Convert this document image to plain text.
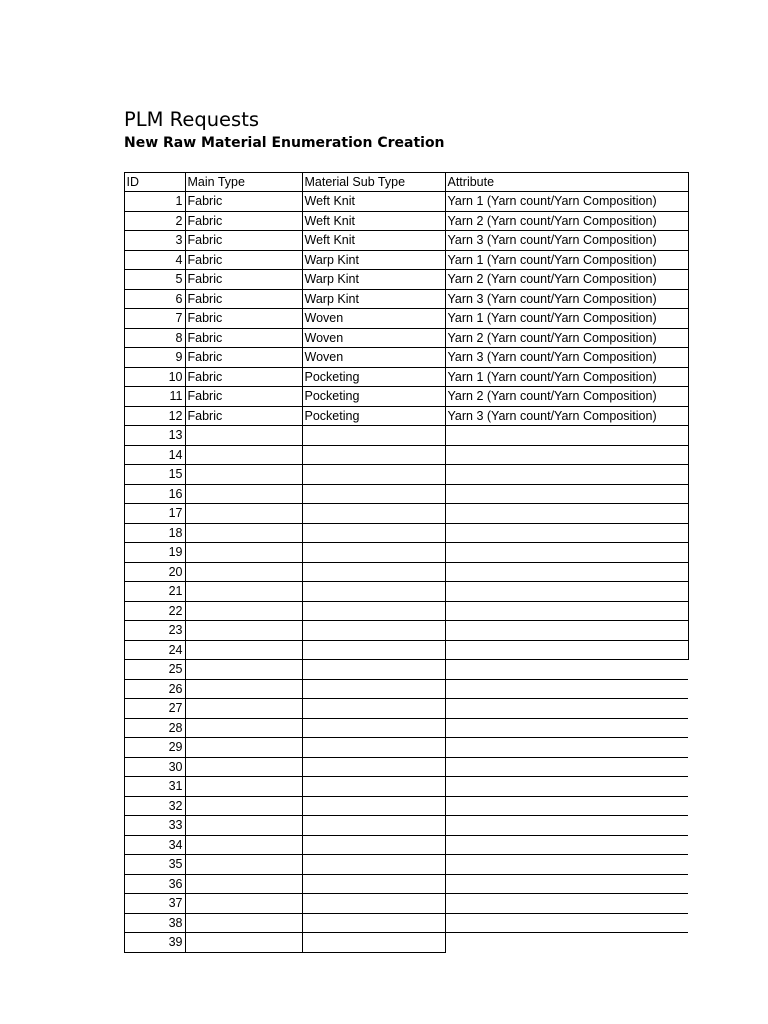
PLM Requests
New Raw Material Enumeration Creation
ID	Main Type	Material Sub Type	Attribute
1	Fabric	Weft Knit	Yarn 1 (Yarn count/Yarn Composition)
2	Fabric	Weft Knit	Yarn 2 (Yarn count/Yarn Composition)
3	Fabric	Weft Knit	Yarn 3 (Yarn count/Yarn Composition)
4	Fabric	Warp Kint	Yarn 1 (Yarn count/Yarn Composition)
5	Fabric	Warp Kint	Yarn 2 (Yarn count/Yarn Composition)
6	Fabric	Warp Kint	Yarn 3 (Yarn count/Yarn Composition)
7	Fabric	Woven	Yarn 1 (Yarn count/Yarn Composition)
8	Fabric	Woven	Yarn 2 (Yarn count/Yarn Composition)
9	Fabric	Woven	Yarn 3 (Yarn count/Yarn Composition)
10	Fabric	Pocketing	Yarn 1 (Yarn count/Yarn Composition)
11	Fabric	Pocketing	Yarn 2 (Yarn count/Yarn Composition)
12	Fabric	Pocketing	Yarn 3 (Yarn count/Yarn Composition)
13			
14			
15			
16			
17			
18			
19			
20			
21			
22			
23			
24			
25			
26			
27			
28			
29			
30			
31			
32			
33			
34			
35			
36			
37			
38			
39			
